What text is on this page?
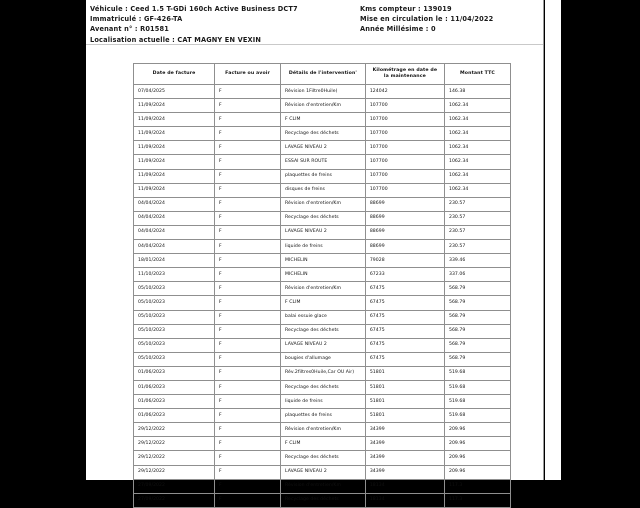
Véhicule : Ceed 1.5 T-GDi 160ch Active Business DCT7
Immatriculé : GF-426-TA
Avenant n° : R01581
Localisation actuelle : CAT MAGNY EN VEXIN
Kms compteur : 139019
Mise en circulation le : 11/04/2022
Année Millésime : 0
Date de facture	Facture ou avoir	Détails de l'intervention'	Kilométrage en date de la maintenance	Montant TTC
07/04/2025	F	Révision 1Filtre0Huile)	124042	146.38
11/09/2024	F	Révision d'entretien/Km	107700	1062.34
11/09/2024	F	F CLIM	107700	1062.34
11/09/2024	F	Recyclage des déchets	107700	1062.34
11/09/2024	F	LAVAGE NIVEAU 2	107700	1062.34
11/09/2024	F	ESSAI SUR ROUTE	107700	1062.34
11/09/2024	F	plaquettes de freins	107700	1062.34
11/09/2024	F	disques de freins	107700	1062.34
04/04/2024	F	Révision d'entretien/Km	88699	230.57
04/04/2024	F	Recyclage des déchets	88699	230.57
04/04/2024	F	LAVAGE NIVEAU 2	88699	230.57
04/04/2024	F	liquide de freins	88699	230.57
18/01/2024	F	MICHELIN	79028	339.46
11/10/2023	F	MICHELIN	67233	337.06
05/10/2023	F	Révision d'entretien/Km	67475	568.79
05/10/2023	F	F CLIM	67475	568.79
05/10/2023	F	balai essuie glace	67475	568.79
05/10/2023	F	Recyclage des déchets	67475	568.79
05/10/2023	F	LAVAGE NIVEAU 2	67475	568.79
05/10/2023	F	bougies d'allumage	67475	568.79
01/06/2023	F	Rév.2filtres0Huile,Car OU Air)	51801	519.68
01/06/2023	F	Recyclage des déchets	51801	519.68
01/06/2023	F	liquide de freins	51801	519.68
01/06/2023	F	plaquettes de freins	51801	519.68
29/12/2022	F	Révision d'entretien/Km	34399	209.96
29/12/2022	F	F CLIM	34399	209.96
29/12/2022	F	Recyclage des déchets	34399	209.96
29/12/2022	F	LAVAGE NIVEAU 2	34399	209.96
27/09/2022	F	Révision d'entretien/Km	18134	117.3
27/09/2022	F	Recyclage des déchets	18134	117.3
